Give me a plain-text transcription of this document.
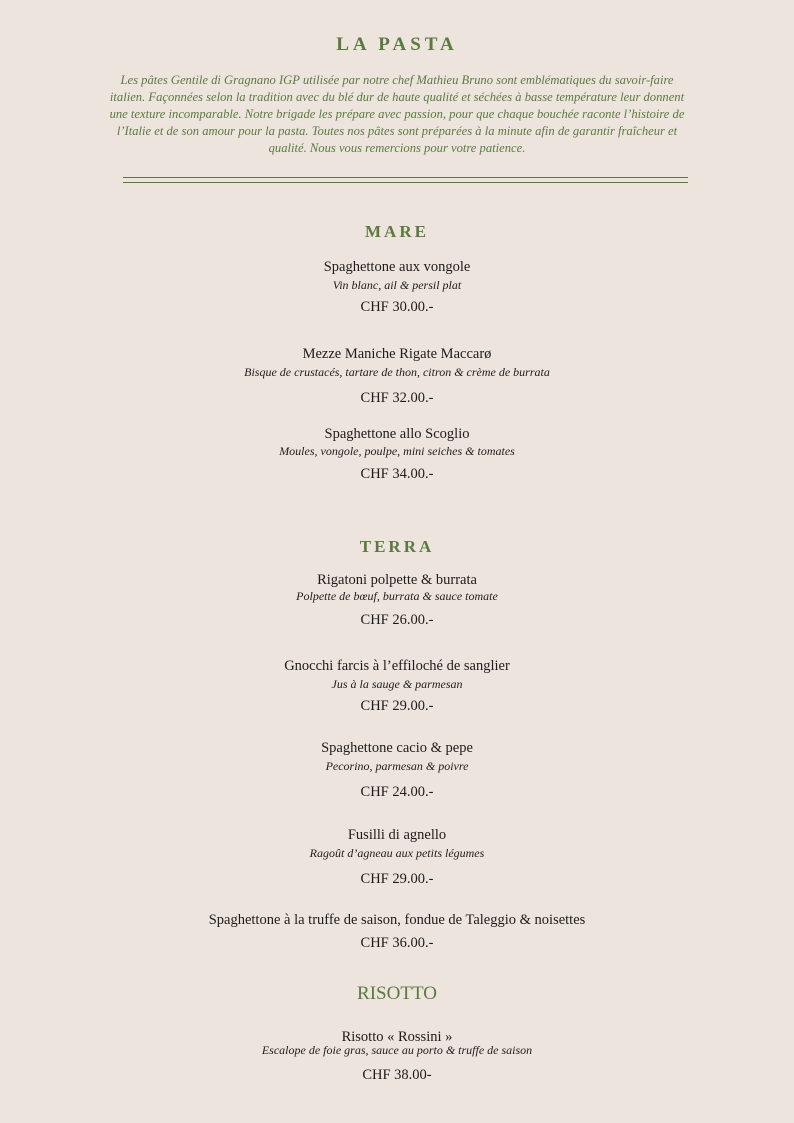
LA PASTA
Les pâtes Gentile di Gragnano IGP utilisée par notre chef Mathieu Bruno sont emblématiques du savoir-faire italien. Façonnées selon la tradition avec du blé dur de haute qualité et séchées à basse température leur donnent une texture incomparable. Notre brigade les prépare avec passion, pour que chaque bouchée raconte l’histoire de l’Italie et de son amour pour la pasta. Toutes nos pâtes sont préparées à la minute afin de garantir fraîcheur et qualité. Nous vous remercions pour votre patience.
MARE
Spaghettone aux vongole
Vin blanc, ail & persil plat
CHF 30.00.-
Mezze Maniche Rigate Maccarø
Bisque de crustacés, tartare de thon, citron & crème de burrata
CHF 32.00.-
Spaghettone allo Scoglio
Moules, vongole, poulpe, mini seiches & tomates
CHF 34.00.-
TERRA
Rigatoni polpette & burrata
Polpette de bœuf, burrata & sauce tomate
CHF 26.00.-
Gnocchi farcis à l’effiloché de sanglier
Jus à la sauge & parmesan
CHF 29.00.-
Spaghettone cacio & pepe
Pecorino, parmesan & poivre
CHF 24.00.-
Fusilli di agnello
Ragoût d’agneau aux petits légumes
CHF 29.00.-
Spaghettone à la truffe de saison, fondue de Taleggio & noisettes
CHF 36.00.-
RISOTTO
Risotto « Rossini »
Escalope de foie gras, sauce au porto & truffe de saison
CHF 38.00-
